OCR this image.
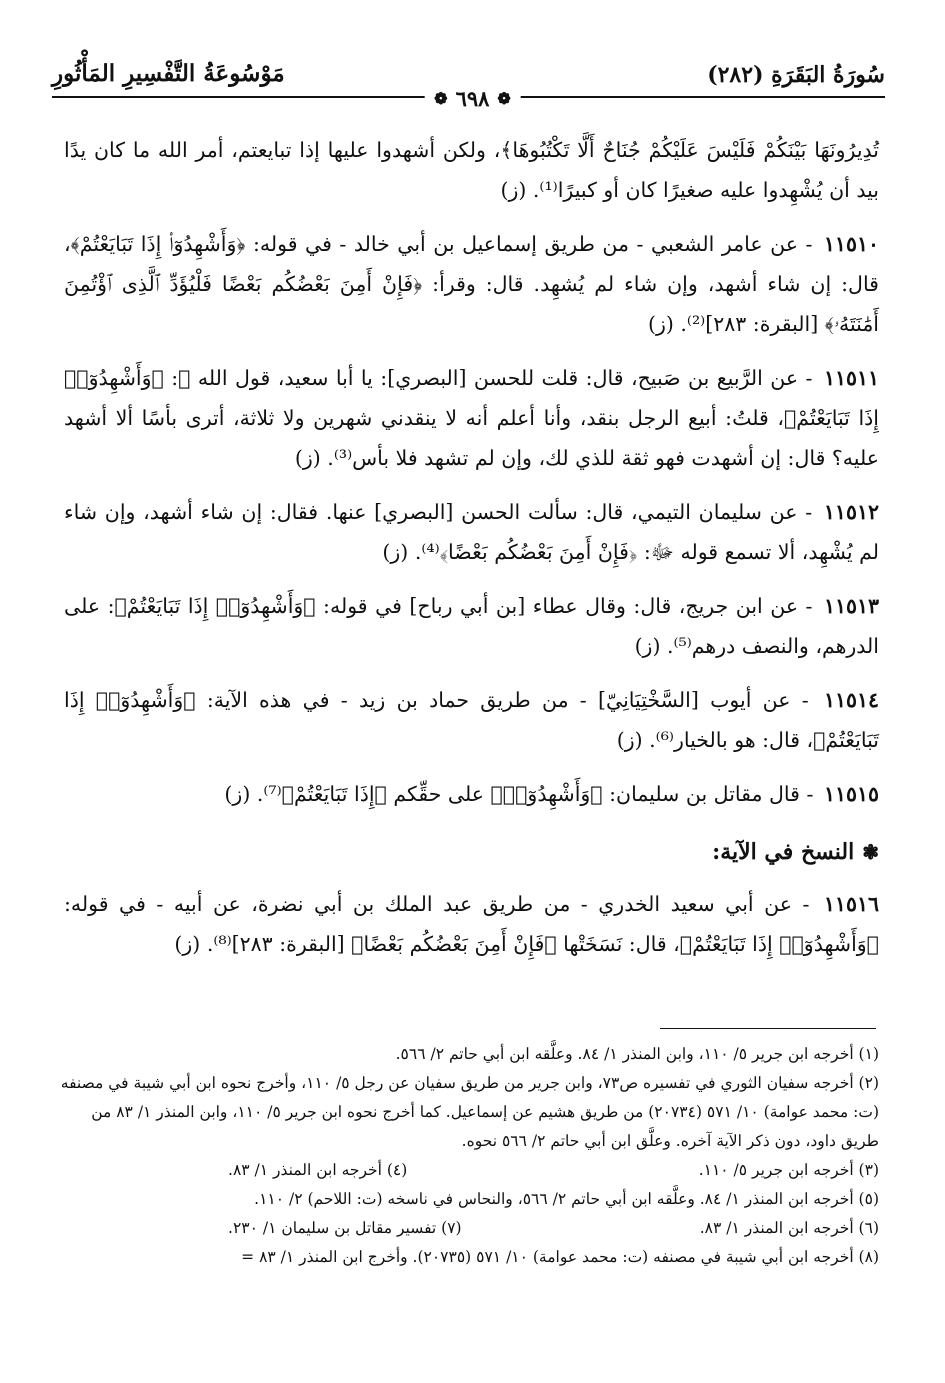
سُورَةُ البَقَرَةِ (٢٨٢)
مَوْسُوعَةُ التَّفْسِيرِ المَأْثُورِ
❁
٦٩٨
❁

تُدِيرُونَهَا بَيْنَكُمْ فَلَيْسَ عَلَيْكُمْ جُنَاحٌ أَلَّا تَكْتُبُوهَا﴾، ولكن أشهدوا عليها إذا تبايعتم، أمر الله ما كان يدًا بيد أن يُشْهِدوا عليه صغيرًا كان أو كبيرًا⁽¹⁾. (ز)

١١٥١٠ - عن عامر الشعبي - من طريق إسماعيل بن أبي خالد - في قوله: ﴿وَأَشْهِدُوٓا۟ إِذَا تَبَايَعْتُمْ﴾، قال: إن شاء أشهد، وإن شاء لم يُشهِد. قال: وقرأ: ﴿فَإِنْ أَمِنَ بَعْضُكُم بَعْضًا فَلْيُؤَدِّ ٱلَّذِى ٱؤْتُمِنَ أَمَٰنَتَهُۥ﴾ [البقرة: ٢٨٣]⁽²⁾. (ز)

١١٥١١ - عن الرَّبيع بن صَبيح، قال: قلت للحسن [البصري]: يا أبا سعيد، قول الله ﷻ: ﴿وَأَشْهِدُوٓا۟ إِذَا تَبَايَعْتُمْ﴾، قلتُ: أبيع الرجل بنقد، وأنا أعلم أنه لا ينقدني شهرين ولا ثلاثة، أترى بأسًا ألا أشهد عليه؟ قال: إن أشهدت فهو ثقة للذي لك، وإن لم تشهد فلا بأس⁽³⁾. (ز)

١١٥١٢ - عن سليمان التيمي، قال: سألت الحسن [البصري] عنها. فقال: إن شاء أشهد، وإن شاء لم يُشْهِد، ألا تسمع قوله ﷻ: ﴿فَإِنْ أَمِنَ بَعْضُكُم بَعْضًا﴾⁽⁴⁾. (ز)

١١٥١٣ - عن ابن جريج، قال: وقال عطاء [بن أبي رباح] في قوله: ﴿وَأَشْهِدُوٓا۟ إِذَا تَبَايَعْتُمْ﴾: على الدرهم، والنصف درهم⁽⁵⁾. (ز)

١١٥١٤ - عن أيوب [السَّخْتِيَانِيّ] - من طريق حماد بن زيد - في هذه الآية: ﴿وَأَشْهِدُوٓا۟ إِذَا تَبَايَعْتُمْ﴾، قال: هو بالخيار⁽⁶⁾. (ز)

١١٥١٥ - قال مقاتل بن سليمان: ﴿وَأَشْهِدُوٓا۟﴾ على حقِّكم ﴿إِذَا تَبَايَعْتُمْ﴾⁽⁷⁾. (ز)

❃
النسخ في الآية:

١١٥١٦ - عن أبي سعيد الخدري - من طريق عبد الملك بن أبي نضرة، عن أبيه - في قوله: ﴿وَأَشْهِدُوٓا۟ إِذَا تَبَايَعْتُمْ﴾، قال: نَسَخَتْها ﴿فَإِنْ أَمِنَ بَعْضُكُم بَعْضًا﴾ [البقرة: ٢٨٣]⁽⁸⁾. (ز)

(١) أخرجه ابن جرير ٥/ ١١٠، وابن المنذر ١/ ٨٤. وعلَّقه ابن أبي حاتم ٢/ ٥٦٦.

(٢) أخرجه سفيان الثوري في تفسيره ص٧٣، وابن جرير من طريق سفيان عن رجل ٥/ ١١٠، وأخرج نحوه ابن أبي شيبة في مصنفه (ت: محمد عوامة) ١٠/ ٥٧١ (٢٠٧٣٤) من طريق هشيم عن إسماعيل. كما أخرج نحوه ابن جرير ٥/ ١١٠، وابن المنذر ١/ ٨٣ من طريق داود، دون ذكر الآية آخره. وعلَّق ابن أبي حاتم ٢/ ٥٦٦ نحوه.

(٣) أخرجه ابن جرير ٥/ ١١٠.
(٤) أخرجه ابن المنذر ١/ ٨٣.

(٥) أخرجه ابن المنذر ١/ ٨٤. وعلَّقه ابن أبي حاتم ٢/ ٥٦٦، والنحاس في ناسخه (ت: اللاحم) ٢/ ١١٠.

(٦) أخرجه ابن المنذر ١/ ٨٣.
(٧) تفسير مقاتل بن سليمان ١/ ٢٣٠.

(٨) أخرجه ابن أبي شيبة في مصنفه (ت: محمد عوامة) ١٠/ ٥٧١ (٢٠٧٣٥). وأخرج ابن المنذر ١/ ٨٣ =
